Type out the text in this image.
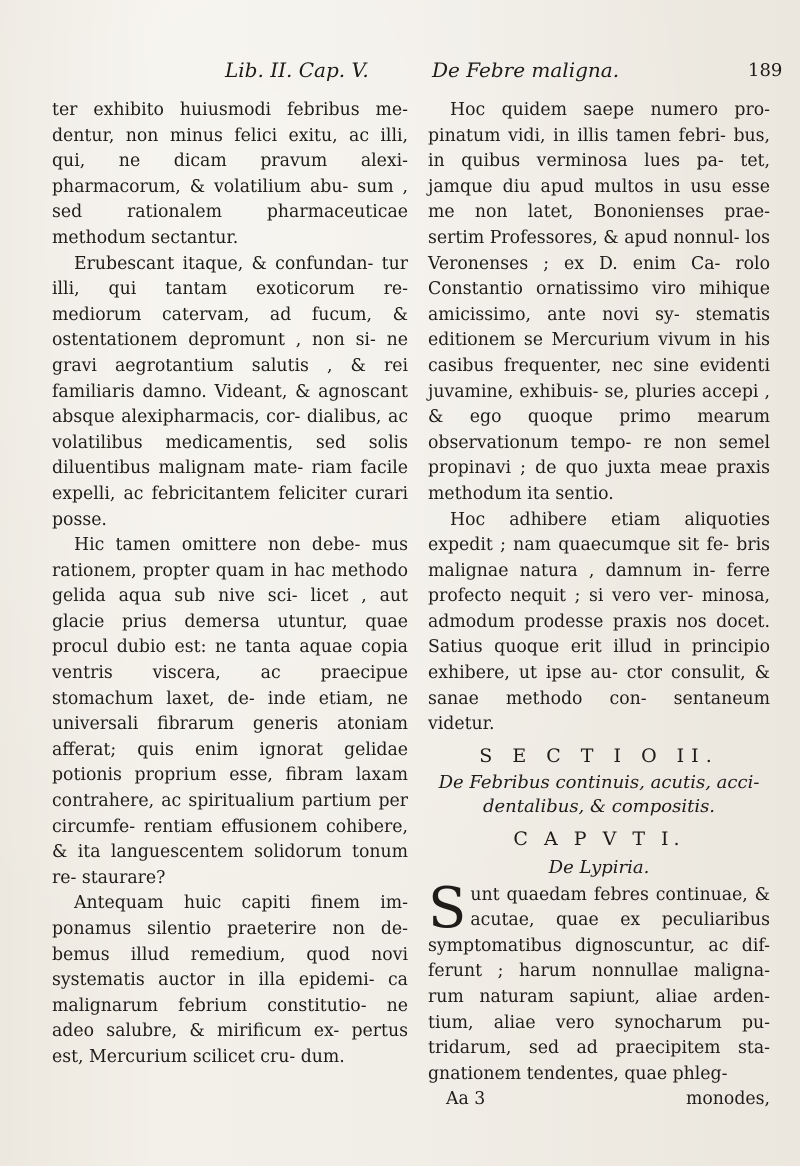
Lib. II. Cap. V.	De Febre maligna.	189

ter exhibito huiusmodi febribus me- dentur, non minus felici exitu, ac illi, qui, ne dicam pravum alexi- pharmacorum, & volatilium abu- sum , sed rationalem pharmaceuticae methodum sectantur.

Erubescant itaque, & confundan- tur illi, qui tantam exoticorum re- mediorum catervam, ad fucum, & ostentationem depromunt , non si- ne gravi aegrotantium salutis , & rei familiaris damno. Videant, & agnoscant absque alexipharmacis, cor- dialibus, ac volatilibus medicamentis, sed solis diluentibus malignam mate- riam facile expelli, ac febricitantem feliciter curari posse.

Hic tamen omittere non debe- mus rationem, propter quam in hac methodo gelida aqua sub nive sci- licet , aut glacie prius demersa utuntur, quae procul dubio est: ne tanta aquae copia ventris viscera, ac praecipue stomachum laxet, de- inde etiam, ne universali fibrarum generis atoniam afferat; quis enim ignorat gelidae potionis proprium esse, fibram laxam contrahere, ac spiritualium partium per circumfe- rentiam effusionem cohibere, & ita languescentem solidorum tonum re- staurare?

Antequam huic capiti finem im- ponamus silentio praeterire non de- bemus illud remedium, quod novi systematis auctor in illa epidemi- ca malignarum febrium constitutio- ne adeo salubre, & mirificum ex- pertus est, Mercurium scilicet cru- dum.

Hoc quidem saepe numero pro- pinatum vidi, in illis tamen febri- bus, in quibus verminosa lues pa- tet, jamque diu apud multos in usu esse me non latet, Bononienses prae- sertim Professores, & apud nonnul- los Veronenses ; ex D. enim Ca- rolo Constantio ornatissimo viro mihique amicissimo, ante novi sy- stematis editionem se Mercurium vivum in his casibus frequenter, nec sine evidenti juvamine, exhibuis- se, pluries accepi , & ego quoque primo mearum observationum tempo- re non semel propinavi ; de quo juxta meae praxis methodum ita sentio.

Hoc adhibere etiam aliquoties expedit ; nam quaecumque sit fe- bris malignae natura , damnum in- ferre profecto nequit ; si vero ver- minosa, admodum prodesse praxis nos docet. Satius quoque erit illud in principio exhibere, ut ipse au- ctor consulit, & sanae methodo con- sentaneum videtur.

S E C T I O II.
De Febribus continuis, acutis, acci- dentalibus, & compositis.
C A P V T I.
De Lypiria.

Sunt quaedam febres continuae, & acutae, quae ex peculiaribus symptomatibus dignoscuntur, ac dif- ferunt ; harum nonnullae maligna- rum naturam sapiunt, aliae arden- tium, aliae vero synocharum pu- tridarum, sed ad praecipitem sta- gnationem tendentes, quae phleg-

Aa 3	monodes,
